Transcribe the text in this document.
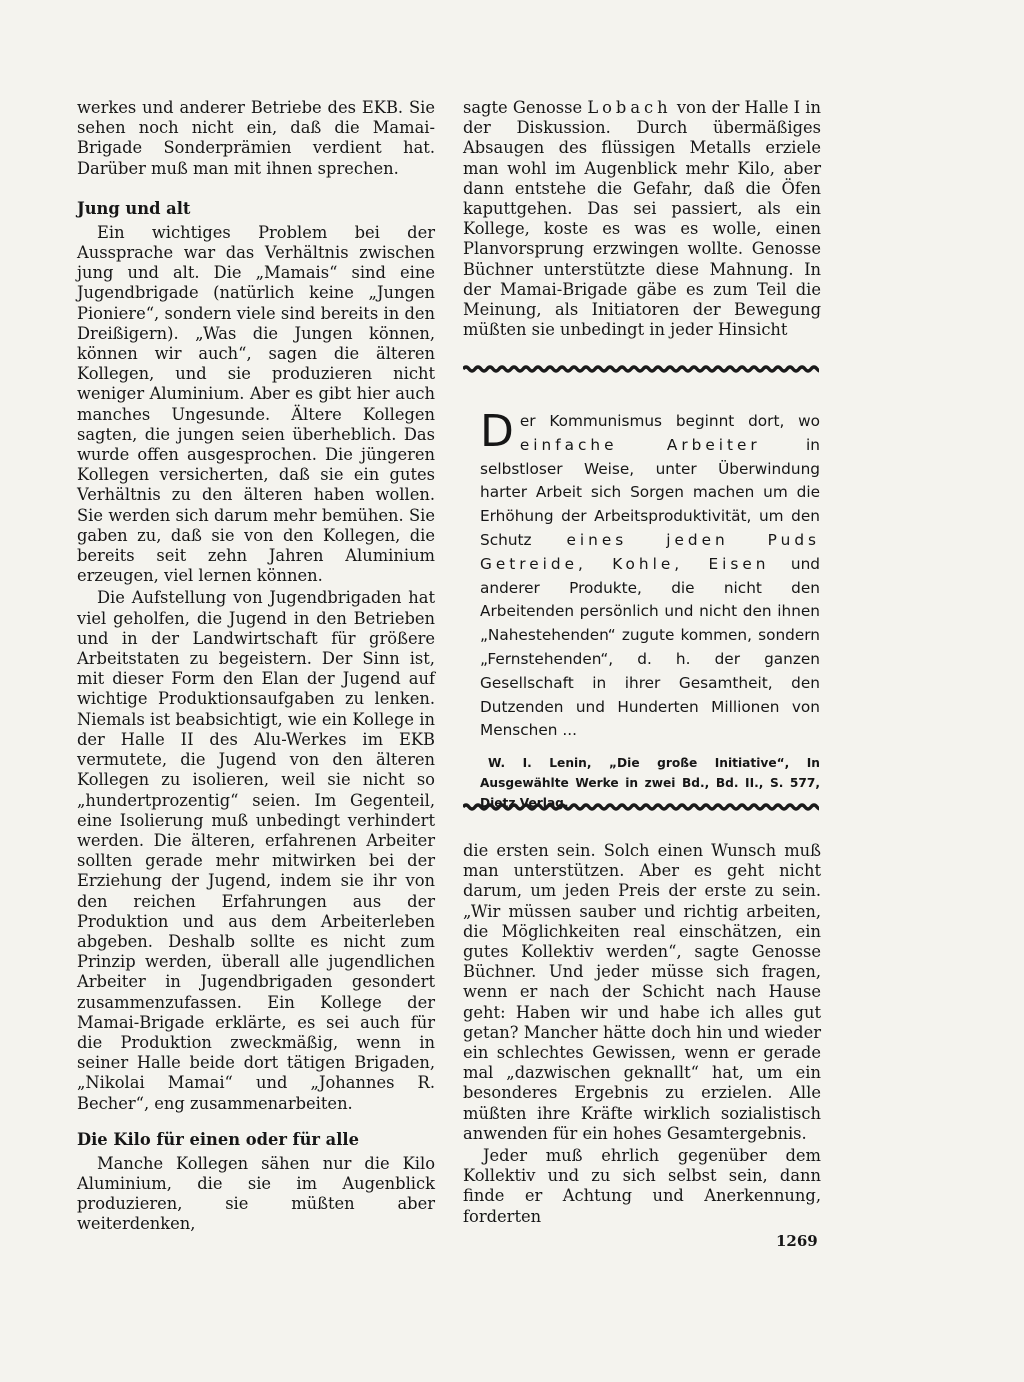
werkes und anderer Betriebe des EKB. Sie sehen noch nicht ein, daß die Mamai-Brigade Sonderprämien verdient hat. Darüber muß man mit ihnen sprechen.

Jung und alt

Ein wichtiges Problem bei der Aussprache war das Verhältnis zwischen jung und alt. Die „Mamais“ sind eine Jugendbrigade (natürlich keine „Jungen Pioniere“, sondern viele sind bereits in den Dreißigern). „Was die Jungen können, können wir auch“, sagen die älteren Kollegen, und sie produzieren nicht weniger Aluminium. Aber es gibt hier auch manches Ungesunde. Ältere Kollegen sagten, die jungen seien überheblich. Das wurde offen ausgesprochen. Die jüngeren Kollegen versicherten, daß sie ein gutes Verhältnis zu den älteren haben wollen. Sie werden sich darum mehr bemühen. Sie gaben zu, daß sie von den Kollegen, die bereits seit zehn Jahren Aluminium erzeugen, viel lernen können.

Die Aufstellung von Jugendbrigaden hat viel geholfen, die Jugend in den Betrieben und in der Landwirtschaft für größere Arbeitstaten zu begeistern. Der Sinn ist, mit dieser Form den Elan der Jugend auf wichtige Produktionsaufgaben zu lenken. Niemals ist beabsichtigt, wie ein Kollege in der Halle II des Alu-Werkes im EKB vermutete, die Jugend von den älteren Kollegen zu isolieren, weil sie nicht so „hundertprozentig“ seien. Im Gegenteil, eine Isolierung muß unbedingt verhindert werden. Die älteren, erfahrenen Arbeiter sollten gerade mehr mitwirken bei der Erziehung der Jugend, indem sie ihr von den reichen Erfahrungen aus der Produktion und aus dem Arbeiterleben abgeben. Deshalb sollte es nicht zum Prinzip werden, überall alle jugendlichen Arbeiter in Jugendbrigaden gesondert zusammenzufassen. Ein Kollege der Mamai-Brigade erklärte, es sei auch für die Produktion zweckmäßig, wenn in seiner Halle beide dort tätigen Brigaden, „Nikolai Mamai“ und „Johannes R. Becher“, eng zusammenarbeiten.

Die Kilo für einen oder für alle

Manche Kollegen sähen nur die Kilo Aluminium, die sie im Augenblick produzieren, sie müßten aber weiterdenken,

sagte Genosse Lobach von der Halle I in der Diskussion. Durch übermäßiges Absaugen des flüssigen Metalls erziele man wohl im Augenblick mehr Kilo, aber dann entstehe die Gefahr, daß die Öfen kaputtgehen. Das sei passiert, als ein Kollege, koste es was es wolle, einen Planvorsprung erzwingen wollte. Genosse Büchner unterstützte diese Mahnung. In der Mamai-Brigade gäbe es zum Teil die Meinung, als Initiatoren der Bewegung müßten sie unbedingt in jeder Hinsicht

Der Kommunismus beginnt dort, wo einfache Arbeiter in selbstloser Weise, unter Überwindung harter Arbeit sich Sorgen machen um die Erhöhung der Arbeitsproduktivität, um den Schutz eines jeden Puds Getreide, Kohle, Eisen und anderer Produkte, die nicht den Arbeitenden persönlich und nicht den ihnen „Nahestehenden“ zugute kommen, sondern „Fernstehenden“, d. h. der ganzen Gesellschaft in ihrer Gesamtheit, den Dutzenden und Hunderten Millionen von Menschen ...

W. I. Lenin, „Die große Initiative“, In Ausgewählte Werke in zwei Bd., Bd. II., S. 577, Dietz Verlag.

die ersten sein. Solch einen Wunsch muß man unterstützen. Aber es geht nicht darum, um jeden Preis der erste zu sein. „Wir müssen sauber und richtig arbeiten, die Möglichkeiten real einschätzen, ein gutes Kollektiv werden“, sagte Genosse Büchner. Und jeder müsse sich fragen, wenn er nach der Schicht nach Hause geht: Haben wir und habe ich alles gut getan? Mancher hätte doch hin und wieder ein schlechtes Gewissen, wenn er gerade mal „dazwischen geknallt“ hat, um ein besonderes Ergebnis zu erzielen. Alle müßten ihre Kräfte wirklich sozialistisch anwenden für ein hohes Gesamtergebnis.

Jeder muß ehrlich gegenüber dem Kollektiv und zu sich selbst sein, dann finde er Achtung und Anerkennung, forderten

1269
